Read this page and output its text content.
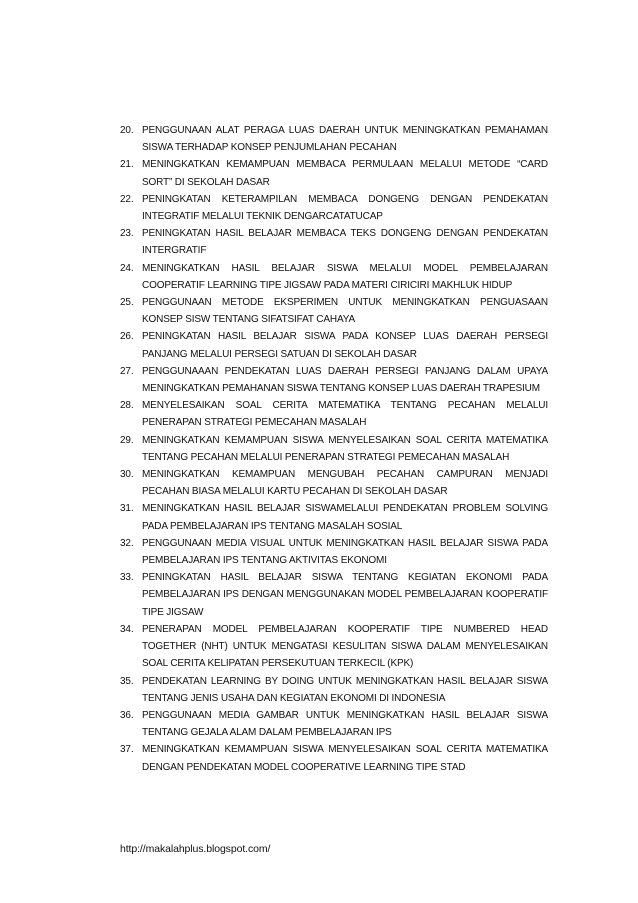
20. PENGGUNAAN ALAT PERAGA LUAS DAERAH UNTUK MENINGKATKAN PEMAHAMAN SISWA TERHADAP KONSEP PENJUMLAHAN PECAHAN
21. MENINGKATKAN KEMAMPUAN MEMBACA PERMULAAN MELALUI METODE “CARD SORT” DI SEKOLAH DASAR
22. PENINGKATAN KETERAMPILAN MEMBACA DONGENG DENGAN PENDEKATAN INTEGRATIF MELALUI TEKNIK DENGARCATATUCAP
23. PENINGKATAN HASIL BELAJAR MEMBACA TEKS DONGENG DENGAN PENDEKATAN INTERGRATIF
24. MENINGKATKAN HASIL BELAJAR SISWA MELALUI MODEL PEMBELAJARAN COOPERATIF LEARNING TIPE JIGSAW PADA MATERI CIRICIRI MAKHLUK HIDUP
25. PENGGUNAAN METODE EKSPERIMEN UNTUK MENINGKATKAN PENGUASAAN KONSEP SISW TENTANG SIFATSIFAT CAHAYA
26. PENINGKATAN HASIL BELAJAR SISWA PADA KONSEP LUAS DAERAH PERSEGI PANJANG MELALUI PERSEGI SATUAN DI SEKOLAH DASAR
27. PENGGUNAAAN PENDEKATAN LUAS DAERAH PERSEGI PANJANG DALAM UPAYA MENINGKATKAN PEMAHANAN SISWA TENTANG KONSEP LUAS DAERAH TRAPESIUM
28. MENYELESAIKAN SOAL CERITA MATEMATIKA TENTANG PECAHAN MELALUI PENERAPAN STRATEGI PEMECAHAN MASALAH
29. MENINGKATKAN KEMAMPUAN SISWA MENYELESAIKAN SOAL CERITA MATEMATIKA TENTANG PECAHAN MELALUI PENERAPAN STRATEGI PEMECAHAN MASALAH
30. MENINGKATKAN KEMAMPUAN MENGUBAH PECAHAN CAMPURAN MENJADI PECAHAN BIASA MELALUI KARTU PECAHAN DI SEKOLAH DASAR
31. MENINGKATKAN HASIL BELAJAR SISWAMELALUI PENDEKATAN PROBLEM SOLVING PADA PEMBELAJARAN IPS TENTANG MASALAH SOSIAL
32. PENGGUNAAN MEDIA VISUAL UNTUK MENINGKATKAN HASIL BELAJAR SISWA PADA PEMBELAJARAN IPS TENTANG AKTIVITAS EKONOMI
33. PENINGKATAN HASIL BELAJAR SISWA TENTANG KEGIATAN EKONOMI PADA PEMBELAJARAN IPS DENGAN MENGGUNAKAN MODEL PEMBELAJARAN KOOPERATIF TIPE JIGSAW
34. PENERAPAN MODEL PEMBELAJARAN KOOPERATIF TIPE NUMBERED HEAD TOGETHER (NHT) UNTUK MENGATASI KESULITAN SISWA DALAM MENYELESAIKAN SOAL CERITA KELIPATAN PERSEKUTUAN TERKECIL (KPK)
35. PENDEKATAN LEARNING BY DOING UNTUK MENINGKATKAN HASIL BELAJAR SISWA TENTANG JENIS USAHA DAN KEGIATAN EKONOMI DI INDONESIA
36. PENGGUNAAN MEDIA GAMBAR UNTUK MENINGKATKAN HASIL BELAJAR SISWA TENTANG GEJALA ALAM DALAM PEMBELAJARAN IPS
37. MENINGKATKAN KEMAMPUAN SISWA MENYELESAIKAN SOAL CERITA MATEMATIKA DENGAN PENDEKATAN MODEL COOPERATIVE LEARNING TIPE STAD
http://makalahplus.blogspot.com/
